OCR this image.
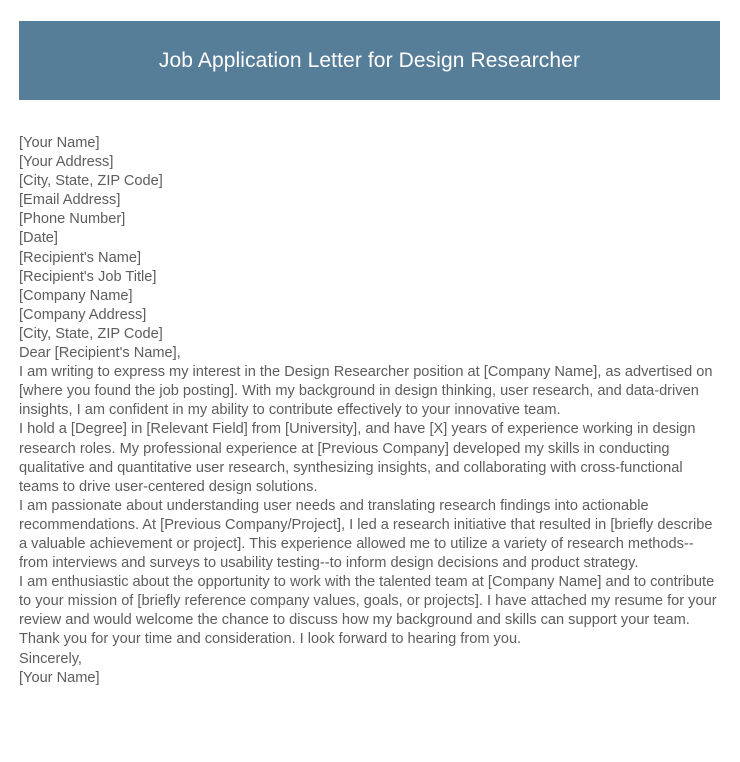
Job Application Letter for Design Researcher
[Your Name]
[Your Address]
[City, State, ZIP Code]
[Email Address]
[Phone Number]
[Date]
[Recipient's Name]
[Recipient's Job Title]
[Company Name]
[Company Address]
[City, State, ZIP Code]
Dear [Recipient's Name],

I am writing to express my interest in the Design Researcher position at [Company Name], as advertised on [where you found the job posting]. With my background in design thinking, user research, and data-driven insights, I am confident in my ability to contribute effectively to your innovative team.

I hold a [Degree] in [Relevant Field] from [University], and have [X] years of experience working in design research roles. My professional experience at [Previous Company] developed my skills in conducting qualitative and quantitative user research, synthesizing insights, and collaborating with cross-functional teams to drive user-centered design solutions.

I am passionate about understanding user needs and translating research findings into actionable recommendations. At [Previous Company/Project], I led a research initiative that resulted in [briefly describe a valuable achievement or project]. This experience allowed me to utilize a variety of research methods--from interviews and surveys to usability testing--to inform design decisions and product strategy.

I am enthusiastic about the opportunity to work with the talented team at [Company Name] and to contribute to your mission of [briefly reference company values, goals, or projects]. I have attached my resume for your review and would welcome the chance to discuss how my background and skills can support your team.

Thank you for your time and consideration. I look forward to hearing from you.
Sincerely,
[Your Name]
